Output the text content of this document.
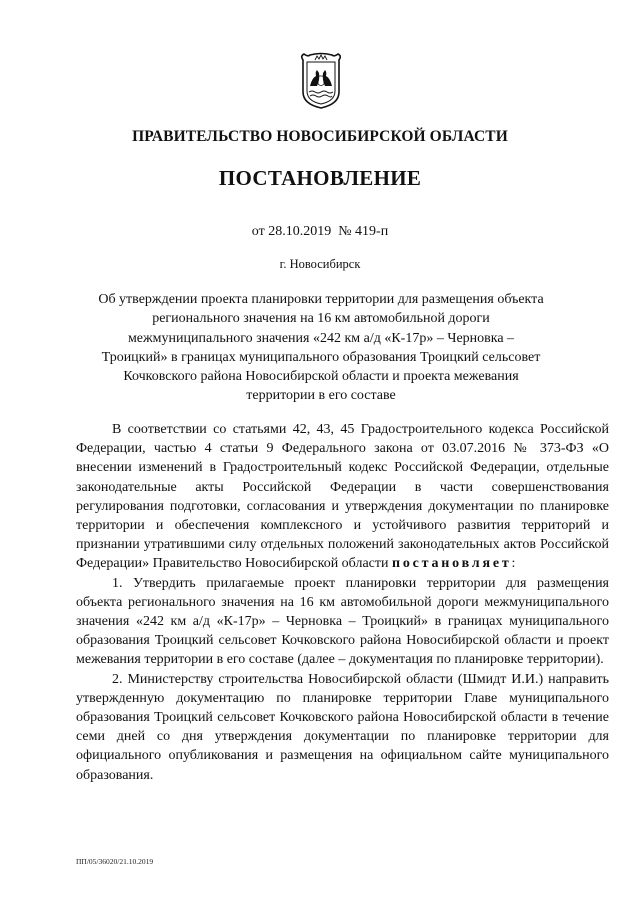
ПРАВИТЕЛЬСТВО НОВОСИБИРСКОЙ ОБЛАСТИ
ПОСТАНОВЛЕНИЕ
от 28.10.2019 № 419-п
г. Новосибирск
Об утверждении проекта планировки территории для размещения объекта регионального значения на 16 км автомобильной дороги межмуниципального значения «242 км а/д «К-17р» – Черновка – Троицкий» в границах муниципального образования Троицкий сельсовет Кочковского района Новосибирской области и проекта межевания территории в его составе

В соответствии со статьями 42, 43, 45 Градостроительного кодекса Российской Федерации, частью 4 статьи 9 Федерального закона от 03.07.2016 № 373-ФЗ «О внесении изменений в Градостроительный кодекс Российской Федерации, отдельные законодательные акты Российской Федерации в части совершенствования регулирования подготовки, согласования и утверждения документации по планировке территории и обеспечения комплексного и устойчивого развития территорий и признании утратившими силу отдельных положений законодательных актов Российской Федерации» Правительство Новосибирской области постановляет:

1. Утвердить прилагаемые проект планировки территории для размещения объекта регионального значения на 16 км автомобильной дороги межмуниципального значения «242 км а/д «К-17р» – Черновка – Троицкий» в границах муниципального образования Троицкий сельсовет Кочковского района Новосибирской области и проект межевания территории в его составе (далее – документация по планировке территории).

2. Министерству строительства Новосибирской области (Шмидт И.И.) направить утвержденную документацию по планировке территории Главе муниципального образования Троицкий сельсовет Кочковского района Новосибирской области в течение семи дней со дня утверждения документации по планировке территории для официального опубликования и размещения на официальном сайте муниципального образования.

ПП/05/36020/21.10.2019
